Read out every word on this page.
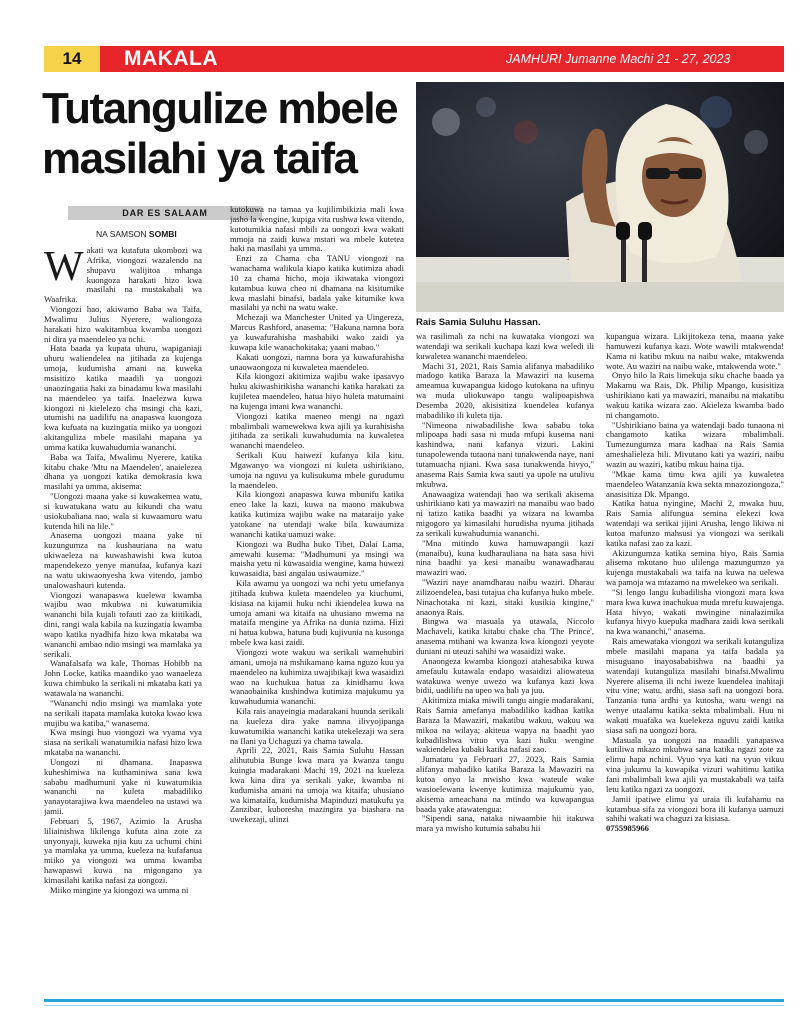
14	MAKALA	JAMHURI Jumanne Machi 21 - 27, 2023
Tutangulize mbele masilahi ya taifa
DAR ES SALAAM
NA SAMSON SOMBI
Rais Samia Suluhu Hassan.

Wakati wa kutafuta ukombozi wa Afrika, viongozi wazalendo na shupavu walijitoa mhanga kuongoza harakati hizo kwa masilahi na mustakabali wa Waafrika.

Viongozi hao, akiwamo Baba wa Taifa, Mwalimu Julius Nyerere, waliongoza harakati hizo wakitambua kwamba uongozi ni dira ya maendeleo ya nchi.

Hata baada ya kupata uhuru, wapiganiaji uhuru waliendelea na jitihada za kujenga umoja, kudumisha amani na kuweka msisitizo katika maadili ya uongozi unaozingatia haki za binadamu kwa masilahi na maendeleo ya taifa. Inaelezwa kuwa kiongozi ni kielelezo cha msingi cha kazi, utumishi na uadilifu na anapaswa kuongoza kwa kufuata na kuzingatia miiko ya uongozi akitanguliza mbele masilahi mapana ya umma katika kuwahudumia wananchi.

Baba wa Taifa, Mwalimu Nyerere, katika kitabu chake 'Mtu na Maendeleo', anaielezea dhana ya uongozi katika demokrasia kwa masilahi ya umma, akisema:

"Uongozi maana yake si kuwakemea watu, si kuwatukana watu au kikundi cha watu usiokubaliana nao, wala si kuwaamuru watu kutenda hili na lile."

Anasema uongozi maana yake ni kuzungumza na kushauriana na watu ukiwaeleza na kuwashawishi kwa kutoa mapendekezo yenye manufaa, kufanya kazi na watu ukiwaonyesha kwa vitendo, jambo unalowashauri kutenda.

Viongozi wanapaswa kuelewa kwamba wajibu wao mkubwa ni kuwatumikia wananchi bila kujali tofauti zao za kiitikadi, dini, rangi wala kabila na kuzingatia kwamba wapo katika nyadhifa hizo kwa mkataba wa wananchi ambao ndio msingi wa mamlaka ya serikali.

Wanafalsafa wa kale, Thomas Hobibb na John Locke, katika maandiko yao wanaeleza kuwa chimbuko la serikali ni mkataba kati ya watawala na wananchi.

"Wananchi ndio msingi wa mamlaka yote na serikali itapata mamlaka kutoka kwao kwa mujibu wa katiba," wanasema.

Kwa msingi huo viongozi wa vyama vya siasa na serikali wanatumikia nafasi hizo kwa mkataba na wananchi.

Uongozi ni dhamana. Inapaswa kuheshimiwa na kuthaminiwa sana kwa sababu madhumuni yake ni kuwatumikia wananchi na kuleta mabadiliko yanayotarajiwa kwa maendeleo na ustawi wa jamii.

Februari 5, 1967, Azimio la Arusha liliainishwa likilenga kufuta aina zote za unyonyaji, kuweka njia kuu za uchumi chini ya mamlaka ya umma, kueleza na kufafanua miiko ya viongozi wa umma kwamba hawapaswi kuwa na migongano ya kimasilahi katika nafasi za uongozi.

Miiko mingine ya kiongozi wa umma ni

kutokuwa na tamaa ya kujilimbikizia mali kwa jasho la wengine, kupiga vita rushwa kwa vitendo, kutotumikia nafasi mbili za uongozi kwa wakati mmoja na zaidi kuwa mstari wa mbele kutetea haki na masilahi ya umma.

Enzi za Chama cha TANU viongozi na wanachama walikula kiapo katika kutimiza ahadi 10 za chama hicho, moja ikiwataka viongozi kutambua kuwa cheo ni dhamana na kisitumike kwa maslahi binafsi, badala yake kitumike kwa masilahi ya nchi na watu wake.

Mchezaji wa Manchester United ya Uingereza, Marcus Rashford, anasema: "Hakuna namna bora ya kuwafurahisha mashabiki wako zaidi ya kuwapa kile wanachokitaka; yaani mabao."

Kakati uongozi, namna bora ya kuwafurahisha unaowaongoza ni kuwaletea maendeleo.

Kila kiongozi akitimiza wajibu wake ipasavyo huku akiwashirikisha wananchi katika harakati za kujiletea maendeleo, hatua hiyo huleta matumaini na kujenga imani kwa wananchi.

Viongozi katika maeneo mengi na ngazi mbalimbali wamewekwa kwa ajili ya kurahisisha jitihada za serikali kuwahudumia na kuwaletea wananchi maendeleo.

Serikali Kuu haiwezi kufanya kila kitu. Mgawanyo wa viongozi ni kuleta ushirikiano, umoja na nguvu ya kulisukuma mbele gurudumu la maendeleo.

Kila kiongozi anapaswa kuwa mbunifu katika eneo lake la kazi, kuwa na maono makubwa katika kutimiza wajibu wake na mataraijo yake yatokane na utendaji wake bila kuwaumiza wananchi katika uamuzi wake.

Kiongozi wa Budha huko Tibet, Dalai Lama, amewahi kusema: "Madhumuni ya msingi wa maisha yetu ni kuwasaidia wengine, kama huwezi kuwasaidia, basi angalau usiwaumize."

Kila awamu ya uongozi wa nchi yetu umefanya jitihada kubwa kuleta maendeleo ya kiuchumi, kisiasa na kijamii huku nchi ikiendelea kuwa na umoja amani wa kitaifa na uhusiano mwema na mataifa mengine ya Afrika na dunia nzima. Hizi ni hatua kubwa, hatuna budi kujivunia na kusonga mbele kwa kasi zaidi.

Viongozi wote wakuu wa serikali wamehubiri amani, umoja na mshikamano kama nguzo kuu ya maendeleo na kuhimiza uwajibikaji kwa wasaidizi wao na kuchukua hatua za kinidhamu kwa wanaobainika kushindwa kutimiza majukumu ya kuwahudumia wananchi.

Kila rais anayeingia madarakani huunda serikali na kueleza dira yake namna ilivyojipanga kuwatumikia wananchi katika utekelezaji wa sera na Ilani ya Uchaguzi ya chama tawala.

Aprili 22, 2021, Rais Samia Suluhu Hassan alihutubia Bunge kwa mara ya kwanza tangu kuingia madarakani Machi 19, 2021 na kueleza kwa kina dira ya serikali yake, kwamba ni kudumisha amani na umoja wa kitaifa; uhusiano wa kimataifa, kudumisha Mapinduzi matukufu ya Zanzibar, kuboresha mazingira ya biashara na uwekezaji, ulinzi

wa rasilimali za nchi na kuwataka viongozi wa watendaji wa serikali kuchapa kazi kwa weledi ili kuwaletea wananchi maendeleo.

Machi 31, 2021, Rais Samia alifanya mabadiliko madogo katika Baraza la Mawaziri na kusema ameamua kuwapangua kidogo kutokana na ufinyu wa muda uliokuwapo tangu walipoapishwa Desemba 2020, akisisitiza kuendelea kufanya mabadiliko ili kuleta tija.

"Nimeona niwabadilishe kwa sababu toka mlipoapa hadi sasa ni muda mfupi kusema nani kashindwa, nani kafanya vizuri. Lakini tunapolewenda tutaona nani tunakwenda naye, nani tutamuacha njiani. Kwa sasa tunakwenda hivyo," anasema Rais Samia kwa sauti ya upole na utulivu mkubwa.

Anawaagiza watendaji hao wa serikali akisema ushirikiano kati ya mawaziri na manaibu wao bado ni tatizo katika baadhi ya wizara na kwamba migogoro ya kimasilahi hurudisha nyuma jitihada za serikali kuwahudumia wananchi.

"Mna mitindo kuwa hamuwapangii kazi (manaibu), kuna kudharauliana na hata sasa hivi nina baadhi ya kesi manaibu wanawadharau mawaziri wao.

"Waziri naye anamdharau naibu waziri. Dharau zilizoendelea, basi tutajua cha kufanya huko mbele. Ninachotaka ni kazi, sitaki kusikia kingine," anaonya Rais.

Bingwa wa masuala ya utawala, Niccolo Machaveli, katika kitabu chake cha 'The Prince', anasema mtihani wa kwanza kwa kiongozi yeyote duniani ni uteuzi sahihi wa wasaidizi wake.

Anaongeza kwamba kiongozi atahesabika kuwa amefaulu kutawala endapo wasaidizi aliowateua watakuwa wenye uwezo wa kufanya kazi kwa bidii, uadilifu na upeo wa hali ya juu.

Akitimiza miaka miwili tangu aingie madarakani, Rais Samia amefanya mabadiliko kadhaa katika Baraza la Mawaziri, makatibu wakuu, wakuu wa mikoa na wilaya; akiteua wapya na baadhi yao kubadilishwa vituo vya kazi huku wengine wakiendelea kubaki katika nafasi zao.

Jumatatu ya Februari 27, 2023, Rais Samia alifanya mabadiko katika Baraza la Mawaziri na kutoa onyo la mwisho kwa wateule wake wasioelewana kwenye kutimiza majukumu yao, akisema ameachana na mtindo wa kuwapangua baada yake atawatengua:

"Sipendi sana, nataka niwaambie hii itakuwa mara ya mwisho kutumia sababu hii

kupangua wizara. Likijitokeza tena, maana yake hamuwezi kufanya kazi. Wote wawili mtakwenda! Kama ni katibu mkuu na naibu wake, mtakwenda wote. Au waziri na naibu wake, mtakwenda wote."

Onyo hilo la Rais limekuja siku chache baada ya Makamu wa Rais, Dk. Philip Mpango, kusisitiza ushirikiano kati ya mawaziri, manaibu na makatibu wakuu katika wizara zao. Akieleza kwamba bado ni changamoto.

"Ushirikiano baina ya watendaji bado tunaona ni changamoto katika wizara mbalimbali. Tumezungumza mara kadhaa na Rais Samia ameshalieleza hili. Mivutano kati ya waziri, naibu wazin au waziri, katibu mkuu haina tija.

"Mkae kama timu kwa ajili ya kuwaletea maendeleo Watanzania kwa sekta mnazoziongoza," anasisitiza Dk. Mpango.

Katika hatua nyingine, Machi 2, mwaka huu, Rais Samia alifungua semina elekezi kwa watendaji wa serikai jijini Arusha, lengo likiwa ni kutoa mafunzo mahsusi ya viongozi wa serikali katika nafasi zao za kazi.

Akizungumza katika semina hiyo, Rais Samia alisema mkutano huo ulilenga mazungumzo ya kujenga mustakabali wa taifa na kuwa na uelewa wa pamoja wa mtazamo na mwelekeo wa serikali.

"Si lengo langu kubadilisha viongozi mara kwa mara kwa kuwa inachukua muda mrefu kuwajenga. Hata hivyo, wakati mwingine ninalazimika kufanya hivyo kuepuka madhara zaidi kwa serikali na kwa wananchi," anasema.

Rais amewataka viongozi wa serikali kutanguliza mbele masilahi mapana ya taifa badala ya misuguano inayosababishwa na baadhi ya watendaji kutanguliza masilahi binafsi.Mwalimu Nyerere alisema ili nchi iweze kuendelea inahitaji vitu vine; watu, ardhi, siasa safi na uongozi bora. Tanzania tuna ardhi ya kutosha, watu wengi na wenye utaalamu katika sekta mbalimbali. Huu ni wakati muafaka wa kuelekeza nguvu zaidi katika siasa safi na uongozi bora.

Masuala ya uongozi na maadili yanapaswa kutiliwa mkazo mkubwa sana katika ngazi zote za elimu hapa nchini. Vyuo vya kati na vyuo vikuu vina jukumu la kuwapika vizuri wahitimu katika fani mbalimbali kwa ajili ya mustakabali wa taifa letu katika ngazi za uongozi.

Jamii ipatiwe elimu ya uraia ili kufahamu na kutambua sifa za viongozi bora ili kufanya uamuzi sahihi wakati wa chaguzi za kisiasa.

0755985966
